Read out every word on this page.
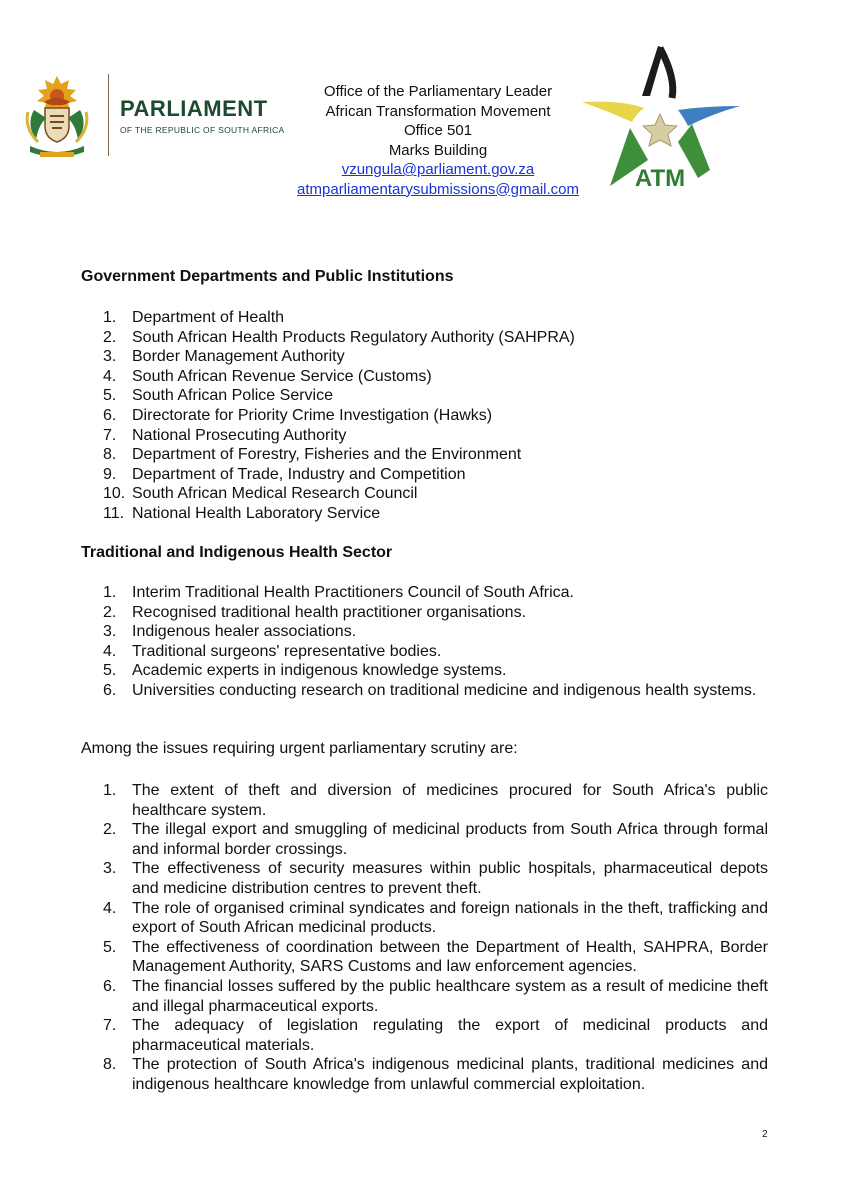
PARLIAMENT
OF THE REPUBLIC OF SOUTH AFRICA
Office of the Parliamentary Leader
African Transformation Movement
Office 501
Marks Building
vzungula@parliament.gov.za
atmparliamentarysubmissions@gmail.com	ATM
Government Departments and Public Institutions
1. Department of Health
2. South African Health Products Regulatory Authority (SAHPRA)
3. Border Management Authority
4. South African Revenue Service (Customs)
5. South African Police Service
6. Directorate for Priority Crime Investigation (Hawks)
7. National Prosecuting Authority
8. Department of Forestry, Fisheries and the Environment
9. Department of Trade, Industry and Competition
10. South African Medical Research Council
11. National Health Laboratory Service
Traditional and Indigenous Health Sector
1. Interim Traditional Health Practitioners Council of South Africa.
2. Recognised traditional health practitioner organisations.
3. Indigenous healer associations.
4. Traditional surgeons' representative bodies.
5. Academic experts in indigenous knowledge systems.
6. Universities conducting research on traditional medicine and indigenous health systems.
Among the issues requiring urgent parliamentary scrutiny are:
1. The extent of theft and diversion of medicines procured for South Africa's public healthcare system.
2. The illegal export and smuggling of medicinal products from South Africa through formal and informal border crossings.
3. The effectiveness of security measures within public hospitals, pharmaceutical depots and medicine distribution centres to prevent theft.
4. The role of organised criminal syndicates and foreign nationals in the theft, trafficking and export of South African medicinal products.
5. The effectiveness of coordination between the Department of Health, SAHPRA, Border Management Authority, SARS Customs and law enforcement agencies.
6. The financial losses suffered by the public healthcare system as a result of medicine theft and illegal pharmaceutical exports.
7. The adequacy of legislation regulating the export of medicinal products and pharmaceutical materials.
8. The protection of South Africa's indigenous medicinal plants, traditional medicines and indigenous healthcare knowledge from unlawful commercial exploitation.
2
